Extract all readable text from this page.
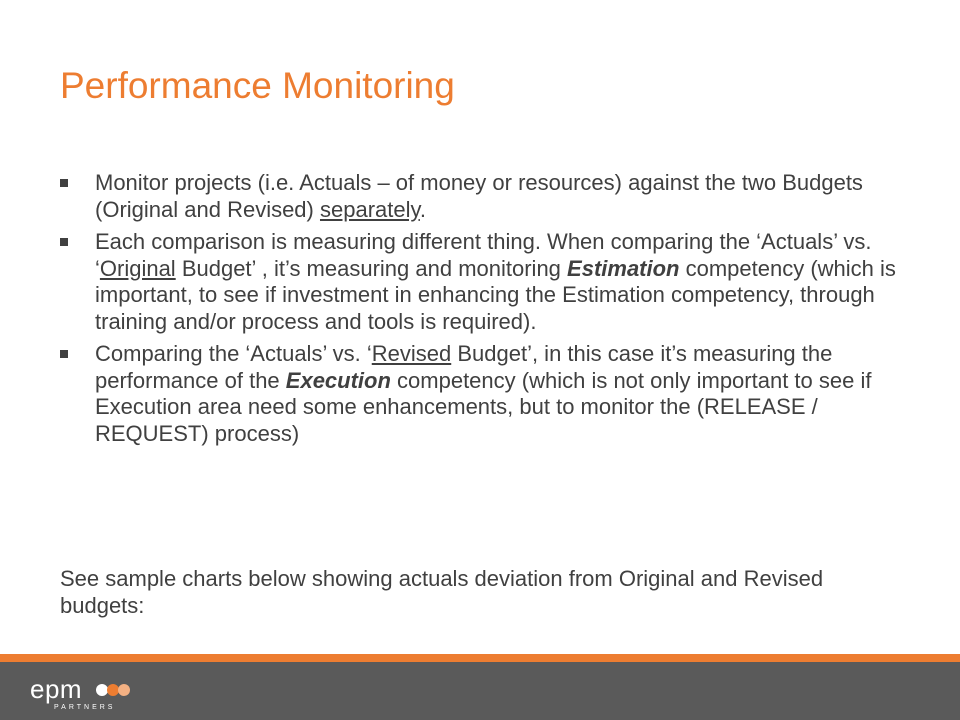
Performance Monitoring
Monitor projects (i.e. Actuals – of money or resources) against the two Budgets (Original and Revised) separately.
Each comparison is measuring different thing. When comparing the ‘Actuals’ vs. ‘Original Budget’ , it’s measuring and monitoring Estimation competency (which is important, to see if investment in enhancing the Estimation competency, through training and/or process and tools is required).
Comparing the ‘Actuals’ vs. ‘Revised Budget’, in this case it’s measuring the performance of the Execution competency (which is not only important to see if Execution area need some enhancements, but to monitor the (RELEASE / REQUEST) process)

See sample charts below showing actuals deviation from Original and Revised budgets:

epm
PARTNERS
